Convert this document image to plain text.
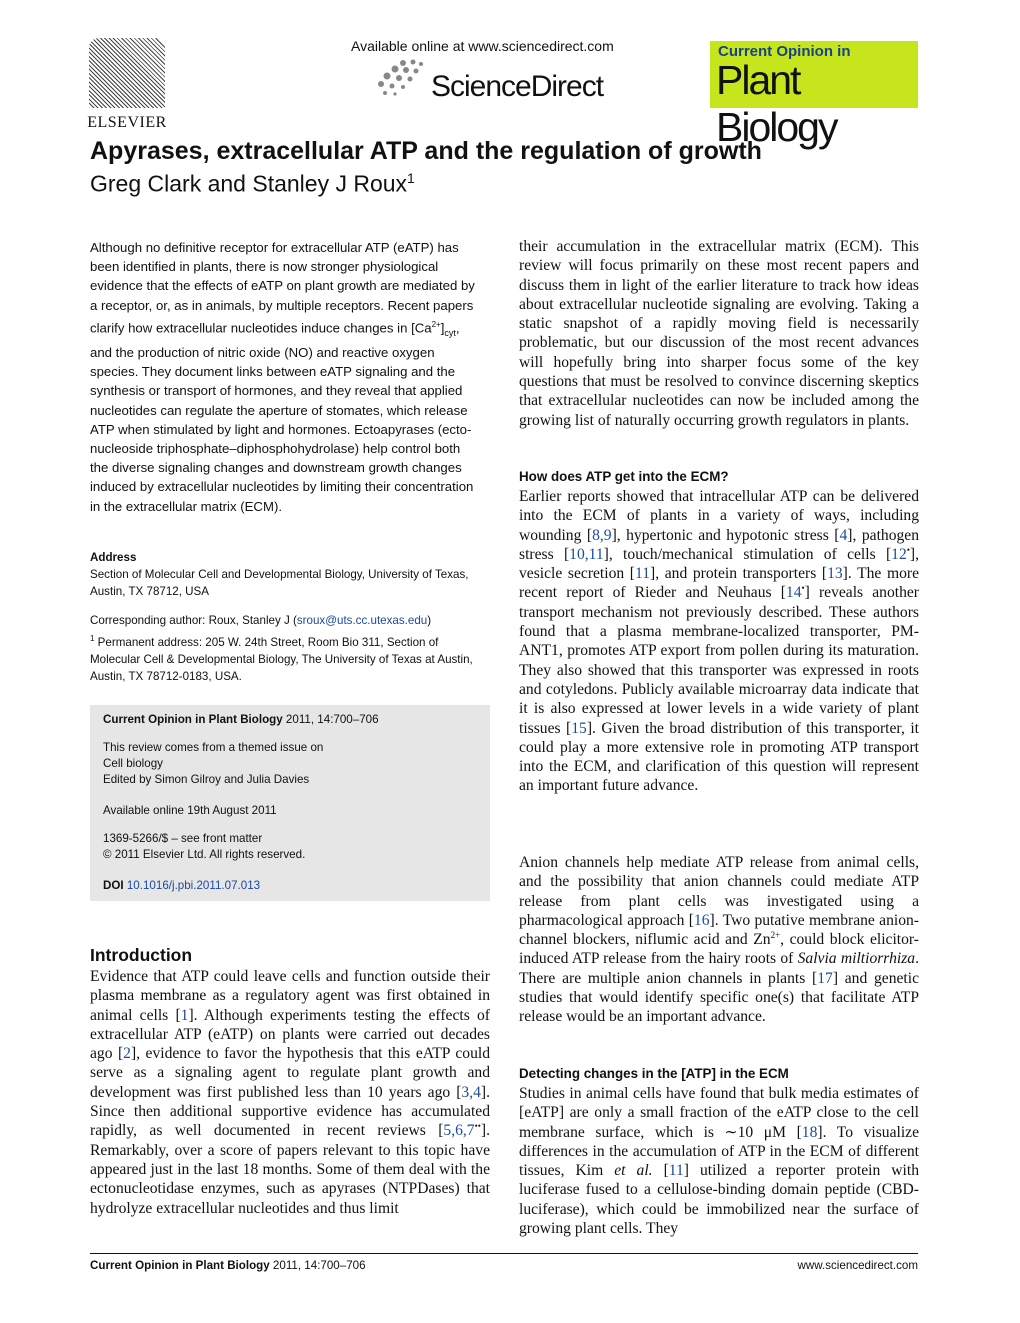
ELSEVIER
Available online at www.sciencedirect.com
ScienceDirect
Current Opinion in
Plant Biology
Apyrases, extracellular ATP and the regulation of growth
Greg Clark and Stanley J Roux$^1$
Although no definitive receptor for extracellular ATP (eATP) has been identified in plants, there is now stronger physiological evidence that the effects of eATP on plant growth are mediated by a receptor, or, as in animals, by multiple receptors. Recent papers clarify how extracellular nucleotides induce changes in $[Ca^{2+}]_{cyt}$, and the production of nitric oxide (NO) and reactive oxygen species. They document links between eATP signaling and the synthesis or transport of hormones, and they reveal that applied nucleotides can regulate the aperture of stomates, which release ATP when stimulated by light and hormones. Ectoapyrases (ecto-nucleoside triphosphate–diphosphohydrolase) help control both the diverse signaling changes and downstream growth changes induced by extracellular nucleotides by limiting their concentration in the extracellular matrix (ECM).
Address
Section of Molecular Cell and Developmental Biology, University of Texas, Austin, TX 78712, USA
Corresponding author: Roux, Stanley J (sroux@uts.cc.utexas.edu)
$^1$ Permanent address: 205 W. 24th Street, Room Bio 311, Section of Molecular Cell & Developmental Biology, The University of Texas at Austin, Austin, TX 78712-0183, USA.
Current Opinion in Plant Biology 2011, 14:700–706
This review comes from a themed issue on
Cell biology
Edited by Simon Gilroy and Julia Davies
Available online 19th August 2011
1369-5266/$ – see front matter
© 2011 Elsevier Ltd. All rights reserved.
DOI 10.1016/j.pbi.2011.07.013
Introduction

Evidence that ATP could leave cells and function outside their plasma membrane as a regulatory agent was first obtained in animal cells [1]. Although experiments testing the effects of extracellular ATP (eATP) on plants were carried out decades ago [2], evidence to favor the hypothesis that this eATP could serve as a signaling agent to regulate plant growth and development was first published less than 10 years ago [3,4]. Since then additional supportive evidence has accumulated rapidly, as well documented in recent reviews [5,6,7••]. Remarkably, over a score of papers relevant to this topic have appeared just in the last 18 months. Some of them deal with the ectonucleotidase enzymes, such as apyrases (NTPDases) that hydrolyze extracellular nucleotides and thus limit

their accumulation in the extracellular matrix (ECM). This review will focus primarily on these most recent papers and discuss them in light of the earlier literature to track how ideas about extracellular nucleotide signaling are evolving. Taking a static snapshot of a rapidly moving field is necessarily problematic, but our discussion of the most recent advances will hopefully bring into sharper focus some of the key questions that must be resolved to convince discerning skeptics that extracellular nucleotides can now be included among the growing list of naturally occurring growth regulators in plants.
How does ATP get into the ECM?
Earlier reports showed that intracellular ATP can be delivered into the ECM of plants in a variety of ways, including wounding [8,9], hypertonic and hypotonic stress [4], pathogen stress [10,11], touch/mechanical stimulation of cells [12•], vesicle secretion [11], and protein transporters [13]. The more recent report of Rieder and Neuhaus [14•] reveals another transport mechanism not previously described. These authors found that a plasma membrane-localized transporter, PM-ANT1, promotes ATP export from pollen during its maturation. They also showed that this transporter was expressed in roots and cotyledons. Publicly available microarray data indicate that it is also expressed at lower levels in a wide variety of plant tissues [15]. Given the broad distribution of this transporter, it could play a more extensive role in promoting ATP transport into the ECM, and clarification of this question will represent an important future advance.
Anion channels help mediate ATP release from animal cells, and the possibility that anion channels could mediate ATP release from plant cells was investigated using a pharmacological approach [16]. Two putative membrane anion-channel blockers, niflumic acid and $Zn^{2+}$, could block elicitor-induced ATP release from the hairy roots of Salvia miltiorrhiza. There are multiple anion channels in plants [17] and genetic studies that would identify specific one(s) that facilitate ATP release would be an important advance.
Detecting changes in the [ATP] in the ECM
Studies in animal cells have found that bulk media estimates of [eATP] are only a small fraction of the eATP close to the cell membrane surface, which is ∼10 μM [18]. To visualize differences in the accumulation of ATP in the ECM of different tissues, Kim et al. [11] utilized a reporter protein with luciferase fused to a cellulose-binding domain peptide (CBD-luciferase), which could be immobilized near the surface of growing plant cells. They
Current Opinion in Plant Biology 2011, 14:700–706	www.sciencedirect.com
